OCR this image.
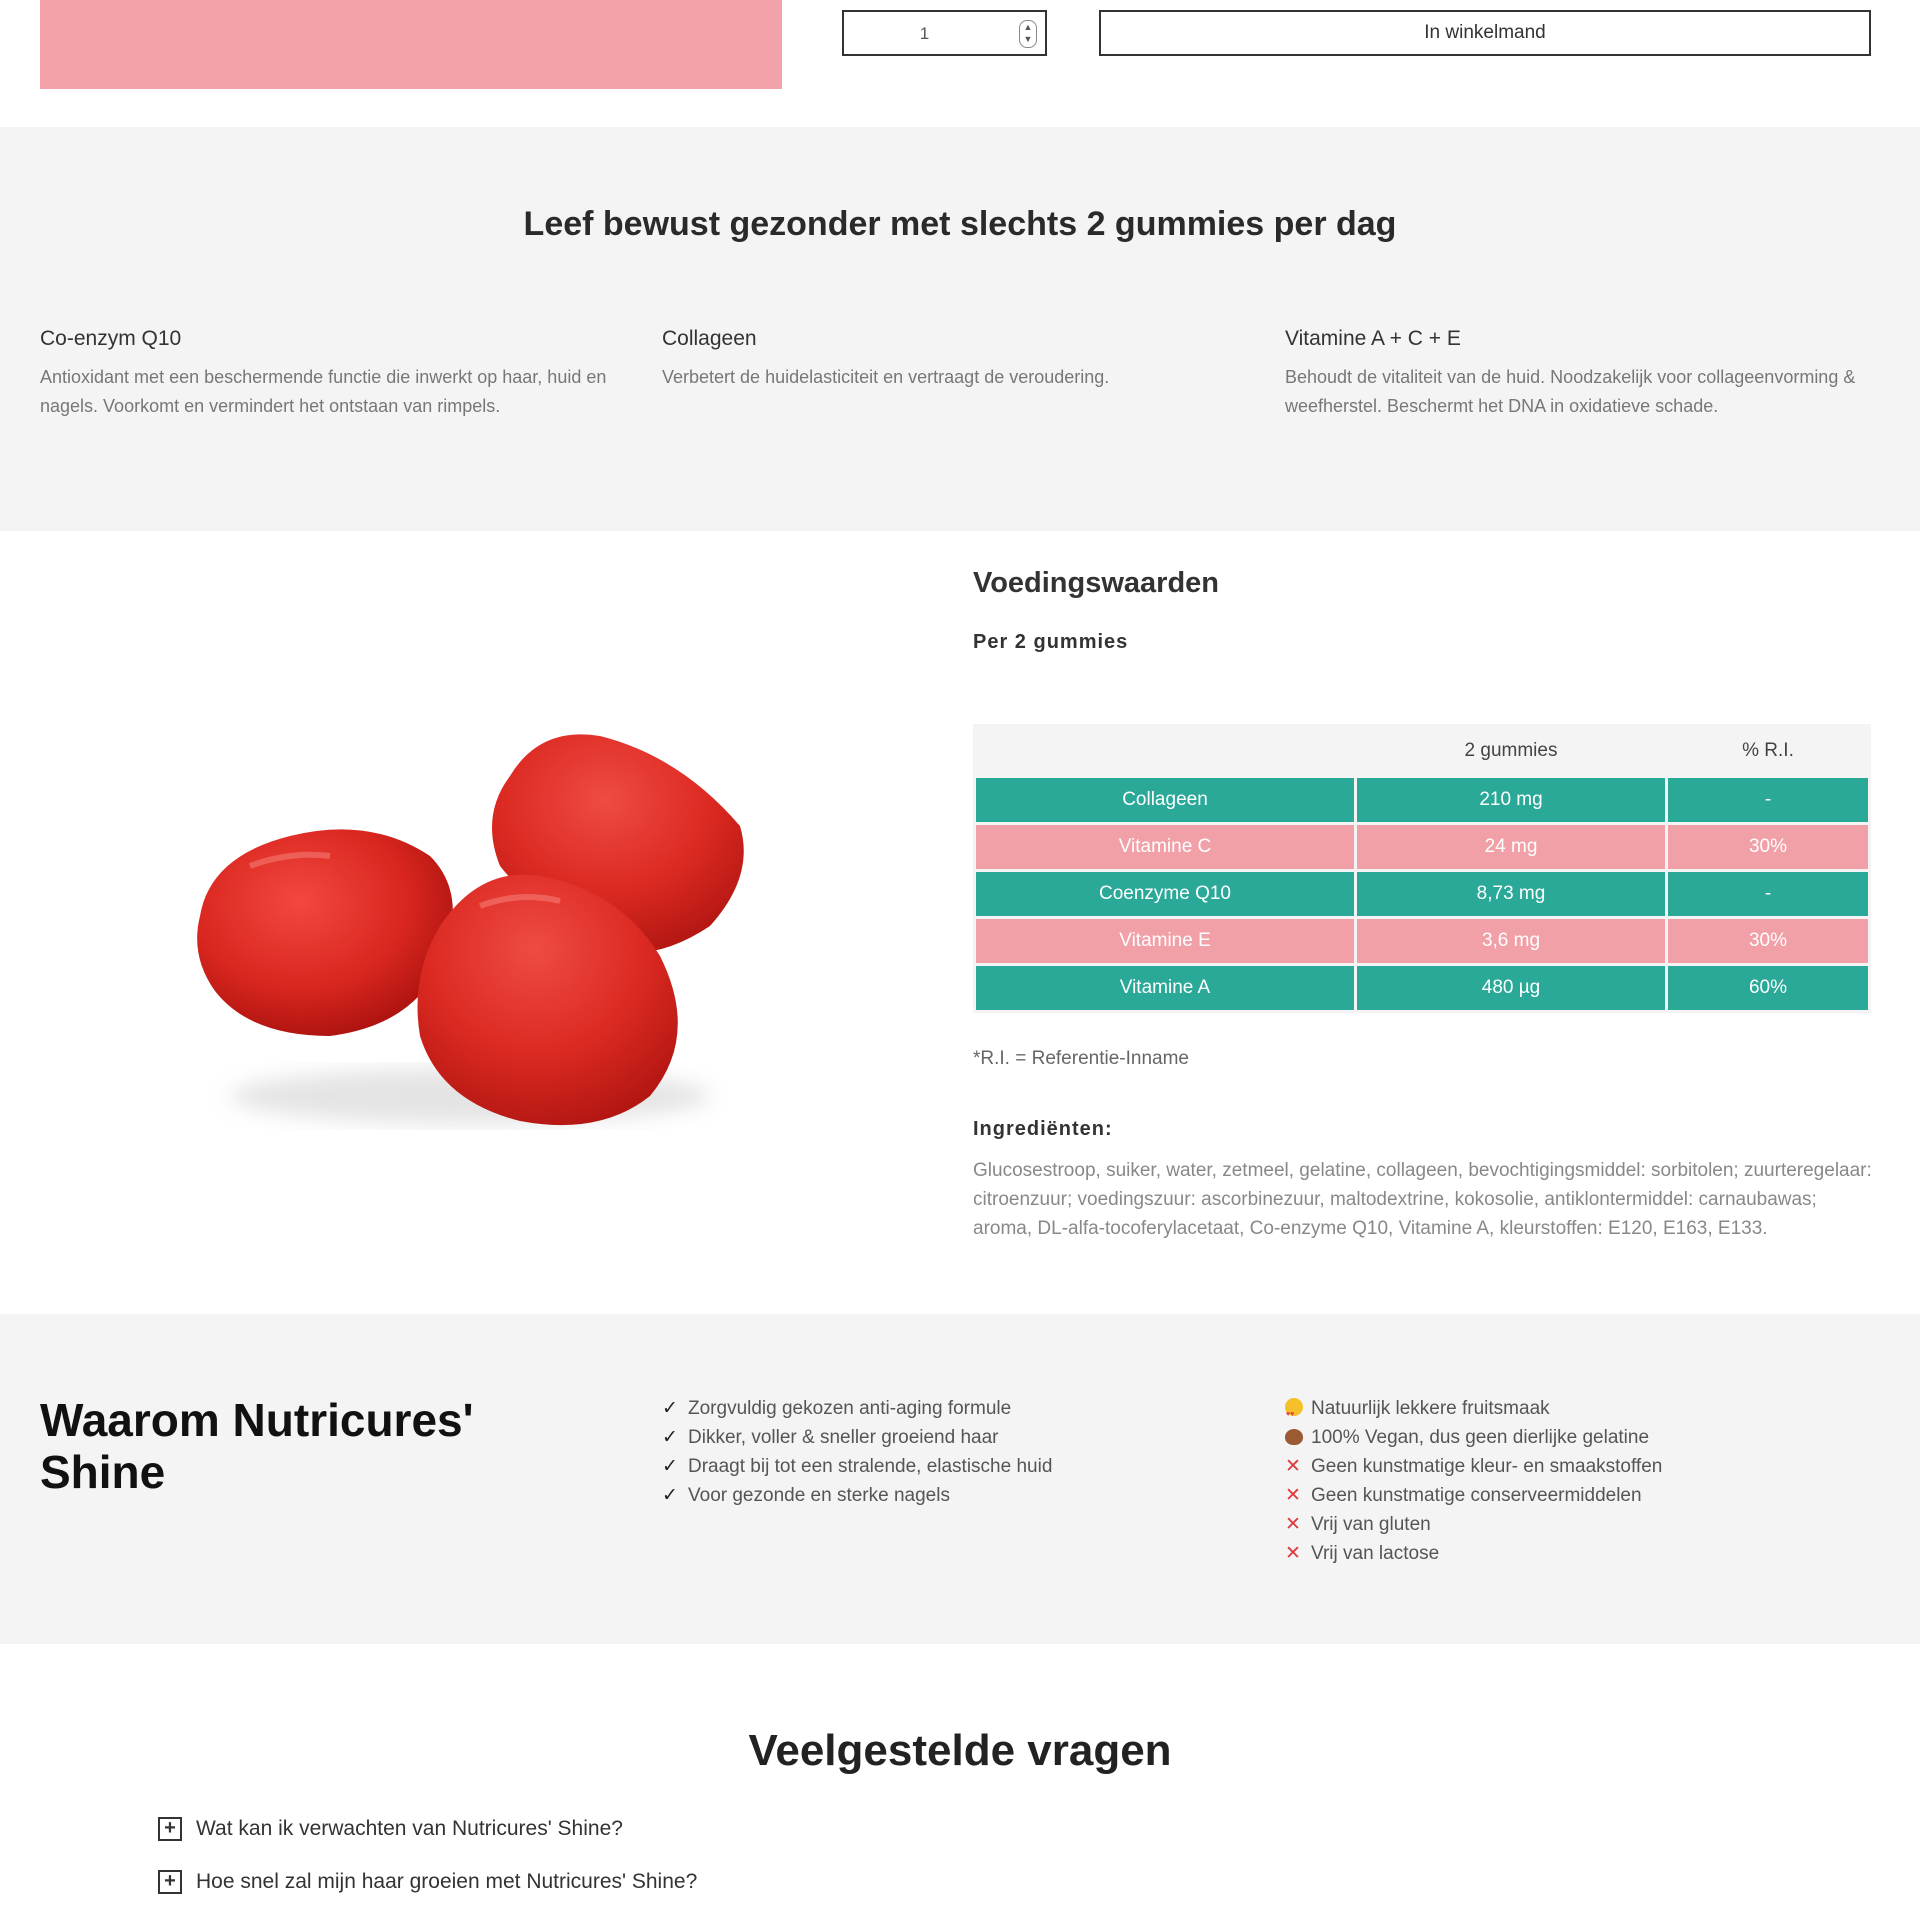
1	▲
▼	In winkelmand
Leef bewust gezonder met slechts 2 gummies per dag
Co-enzym Q10

Antioxidant met een beschermende functie die inwerkt op haar, huid en nagels. Voorkomt en vermindert het ontstaan van rimpels.

Collageen

Verbetert de huidelasticiteit en vertraagt de veroudering.

Vitamine A + C + E

Behoudt de vitaliteit van de huid. Noodzakelijk voor collageenvorming & weefherstel. Beschermt het DNA in oxidatieve schade.

Voedingswaarden
Per 2 gummies
	2 gummies	% R.I.
Collageen	210 mg	-
Vitamine C	24 mg	30%
Coenzyme Q10	8,73 mg	-
Vitamine E	3,6 mg	30%
Vitamine A	480 µg	60%
*R.I. = Referentie-Inname
Ingrediënten:

Glucosestroop, suiker, water, zetmeel, gelatine, collageen, bevochtigingsmiddel: sorbitolen; zuurteregelaar: citroenzuur; voedingszuur: ascorbinezuur, maltodextrine, kokosolie, antiklontermiddel: carnaubawas; aroma, DL-alfa-tocoferylacetaat, Co-enzyme Q10, Vitamine A, kleurstoffen: E120, E163, E133.

Waarom Nutricures' Shine
✓ Zorgvuldig gekozen anti-aging formule
✓ Dikker, voller & sneller groeiend haar
✓ Draagt bij tot een stralende, elastische huid
✓ Voor gezonde en sterke nagels
♥ ♥Natuurlijk lekkere fruitsmaak
100% Vegan, dus geen dierlijke gelatine
✕ Geen kunstmatige kleur- en smaakstoffen
✕ Geen kunstmatige conserveermiddelen
✕ Vrij van gluten
✕ Vrij van lactose
Veelgestelde vragen
+ Wat kan ik verwachten van Nutricures' Shine?
+ Hoe snel zal mijn haar groeien met Nutricures' Shine?
